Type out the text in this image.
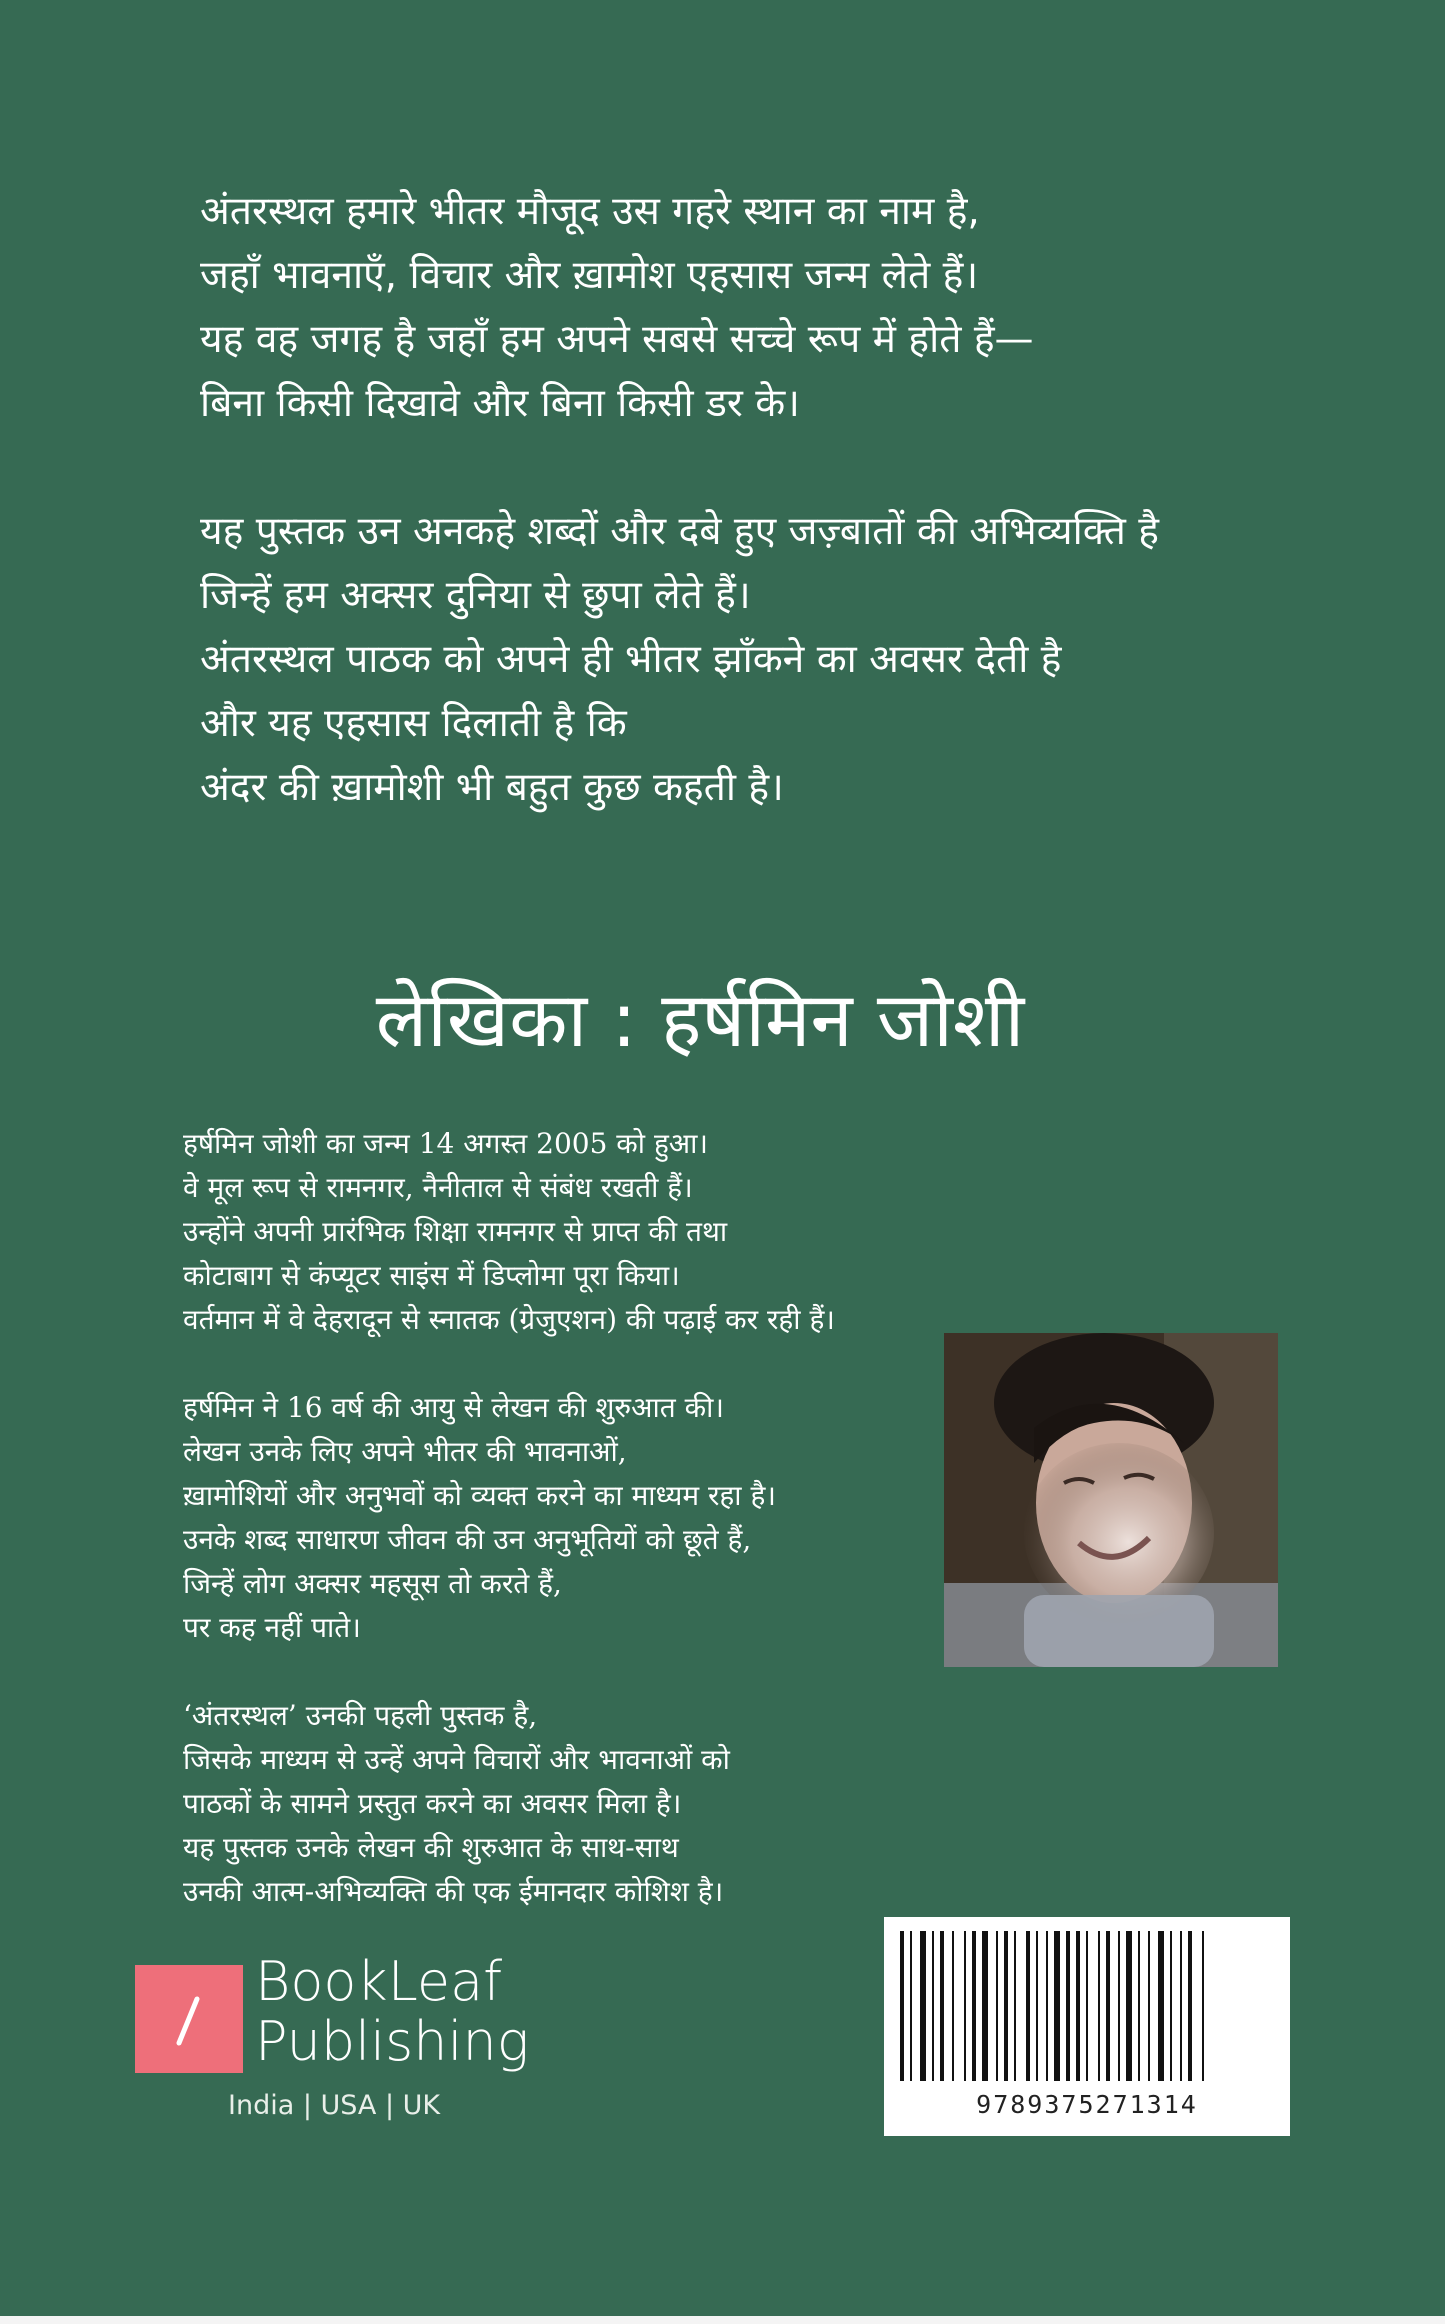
अंतरस्थल हमारे भीतर मौजूद उस गहरे स्थान का नाम है,
जहाँ भावनाएँ, विचार और ख़ामोश एहसास जन्म लेते हैं।
यह वह जगह है जहाँ हम अपने सबसे सच्चे रूप में होते हैं—
बिना किसी दिखावे और बिना किसी डर के।

यह पुस्तक उन अनकहे शब्दों और दबे हुए जज़्बातों की अभिव्यक्ति है
जिन्हें हम अक्सर दुनिया से छुपा लेते हैं।
अंतरस्थल पाठक को अपने ही भीतर झाँकने का अवसर देती है
और यह एहसास दिलाती है कि
अंदर की ख़ामोशी भी बहुत कुछ कहती है।

लेखिका : हर्षमिन जोशी

हर्षमिन जोशी का जन्म 14 अगस्त 2005 को हुआ।
वे मूल रूप से रामनगर, नैनीताल से संबंध रखती हैं।
उन्होंने अपनी प्रारंभिक शिक्षा रामनगर से प्राप्त की तथा
कोटाबाग से कंप्यूटर साइंस में डिप्लोमा पूरा किया।
वर्तमान में वे देहरादून से स्नातक (ग्रेजुएशन) की पढ़ाई कर रही हैं।

हर्षमिन ने 16 वर्ष की आयु से लेखन की शुरुआत की।
लेखन उनके लिए अपने भीतर की भावनाओं,
ख़ामोशियों और अनुभवों को व्यक्त करने का माध्यम रहा है।
उनके शब्द साधारण जीवन की उन अनुभूतियों को छूते हैं,
जिन्हें लोग अक्सर महसूस तो करते हैं,
पर कह नहीं पाते।

‘अंतरस्थल’ उनकी पहली पुस्तक है,
जिसके माध्यम से उन्हें अपने विचारों और भावनाओं को
पाठकों के सामने प्रस्तुत करने का अवसर मिला है।
यह पुस्तक उनके लेखन की शुरुआत के साथ-साथ
उनकी आत्म-अभिव्यक्ति की एक ईमानदार कोशिश है।

BookLeaf
Publishing
India | USA | UK	9789375271314
